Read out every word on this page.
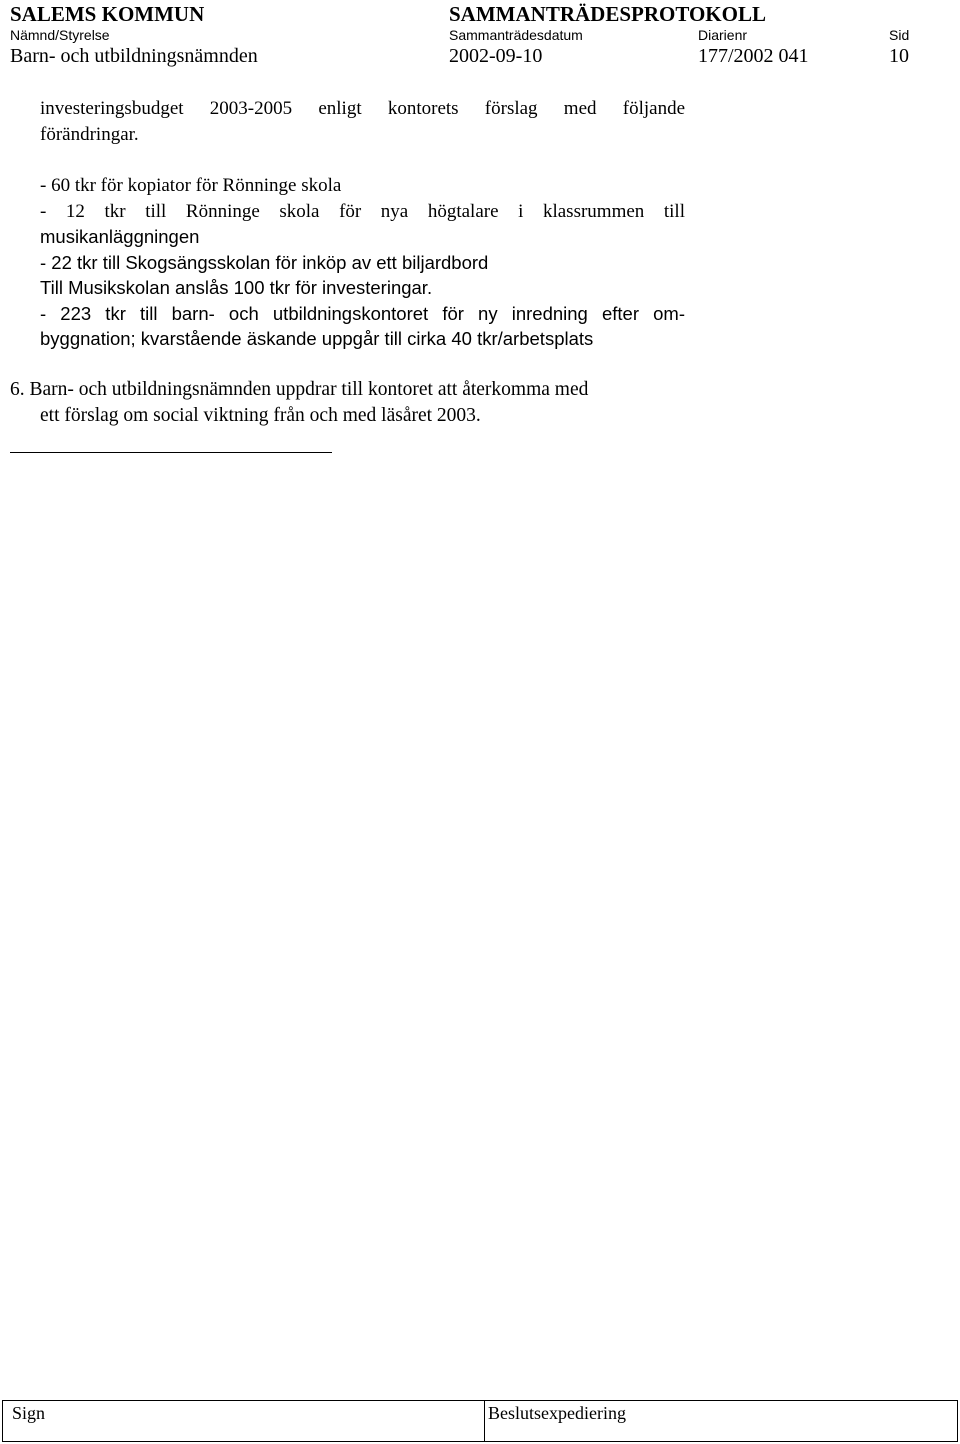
SALEMS KOMMUN	SAMMANTRÄDESPROTOKOLL
Nämnd/Styrelse	Sammanträdesdatum	Diarienr	Sid
Barn- och utbildningsnämnden	2002-09-10	177/2002 041	10
investeringsbudget 2003-2005 enligt kontorets förslag med följande
förändringar.
- 60 tkr för kopiator för Rönninge skola
- 12 tkr till Rönninge skola för nya högtalare i klassrummen till
musikanläggningen
- 22 tkr till Skogsängsskolan för inköp av ett biljardbord
Till Musikskolan anslås 100 tkr för investeringar.
- 223 tkr till barn- och utbildningskontoret för ny inredning efter om-
byggnation; kvarstående äskande uppgår till cirka 40 tkr/arbetsplats
6. Barn- och utbildningsnämnden uppdrar till kontoret att återkomma med
ett förslag om social viktning från och med läsåret 2003.
Sign	Beslutsexpediering
